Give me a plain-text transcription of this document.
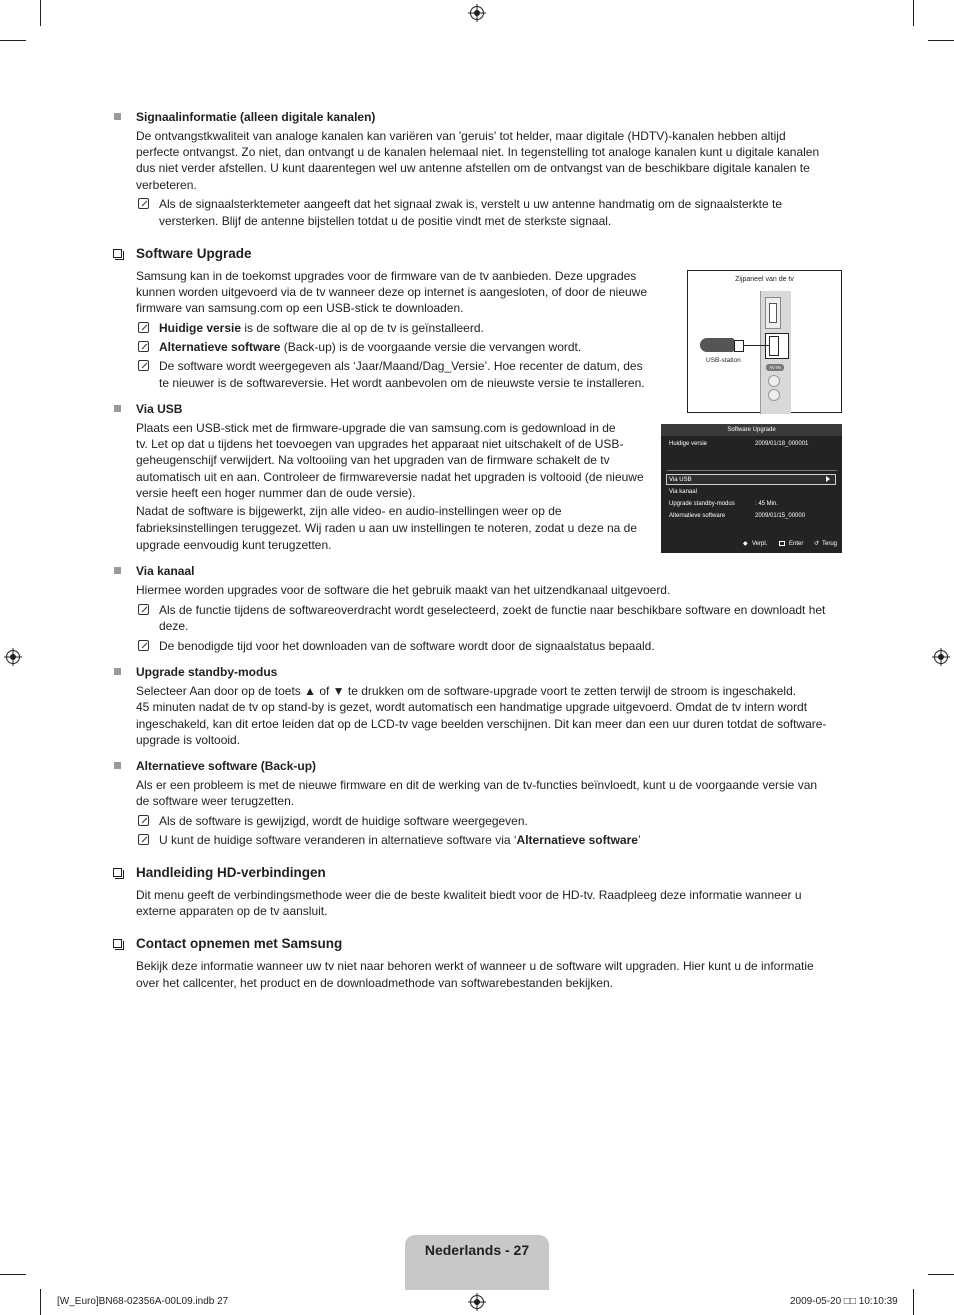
Signaalinformatie (alleen digitale kanalen)
De ontvangstkwaliteit van analoge kanalen kan variëren van 'geruis' tot helder, maar digitale (HDTV)-kanalen hebben altijd
perfecte ontvangst. Zo niet, dan ontvangt u de kanalen helemaal niet. In tegenstelling tot analoge kanalen kunt u digitale kanalen
dus niet verder afstellen. U kunt daarentegen wel uw antenne afstellen om de ontvangst van de beschikbare digitale kanalen te
verbeteren.
Als de signaalsterktemeter aangeeft dat het signaal zwak is, verstelt u uw antenne handmatig om de signaalsterkte te
versterken. Blijf de antenne bijstellen totdat u de positie vindt met de sterkste signaal.
Software Upgrade
Samsung kan in de toekomst upgrades voor de firmware van de tv aanbieden. Deze upgrades
kunnen worden uitgevoerd via de tv wanneer deze op internet is aangesloten, of door de nieuwe
firmware van samsung.com op een USB-stick te downloaden.
Huidige versie is de software die al op de tv is geïnstalleerd.
Alternatieve software (Back-up) is de voorgaande versie die vervangen wordt.
De software wordt weergegeven als ‘Jaar/Maand/Dag_Versie’. Hoe recenter de datum, des
te nieuwer is de softwareversie. Het wordt aanbevolen om de nieuwste versie te installeren.
Zijpaneel van de tv
AV IN
USB-station
Via USB
Plaats een USB-stick met de firmware-upgrade die van samsung.com is gedownload in de
tv. Let op dat u tijdens het toevoegen van upgrades het apparaat niet uitschakelt of de USB-
geheugenschijf verwijdert. Na voltooiing van het upgraden van de firmware schakelt de tv
automatisch uit en aan. Controleer de firmwareversie nadat het upgraden is voltooid (de nieuwe
versie heeft een hoger nummer dan de oude versie).
Nadat de software is bijgewerkt, zijn alle video- en audio-instellingen weer op de
fabrieksinstellingen teruggezet. Wij raden u aan uw instellingen te noteren, zodat u deze na de
upgrade eenvoudig kunt terugzetten.
Software Upgrade
Huidige versie	2009/01/18_000001
Via USB
Via kanaal
Upgrade standby-modus	: 45 Min.
Alternatieve software	2009/01/15_00000
◆ Verpl.	Enter ↺ Terug
Via kanaal
Hiermee worden upgrades voor de software die het gebruik maakt van het uitzendkanaal uitgevoerd.
Als de functie tijdens de softwareoverdracht wordt geselecteerd, zoekt de functie naar beschikbare software en downloadt het
deze.
De benodigde tijd voor het downloaden van de software wordt door de signaalstatus bepaald.
Upgrade standby-modus
Selecteer Aan door op de toets ▲ of ▼ te drukken om de software-upgrade voort te zetten terwijl de stroom is ingeschakeld.
45 minuten nadat de tv op stand-by is gezet, wordt automatisch een handmatige upgrade uitgevoerd. Omdat de tv intern wordt
ingeschakeld, kan dit ertoe leiden dat op de LCD-tv vage beelden verschijnen. Dit kan meer dan een uur duren totdat de software-
upgrade is voltooid.
Alternatieve software (Back-up)
Als er een probleem is met de nieuwe firmware en dit de werking van de tv-functies beïnvloedt, kunt u de voorgaande versie van
de software weer terugzetten.
Als de software is gewijzigd, wordt de huidige software weergegeven.
U kunt de huidige software veranderen in alternatieve software via ‘Alternatieve software’
Handleiding HD-verbindingen
Dit menu geeft de verbindingsmethode weer die de beste kwaliteit biedt voor de HD-tv. Raadpleeg deze informatie wanneer u
externe apparaten op de tv aansluit.
Contact opnemen met Samsung
Bekijk deze informatie wanneer uw tv niet naar behoren werkt of wanneer u de software wilt upgraden. Hier kunt u de informatie
over het callcenter, het product en de downloadmethode van softwarebestanden bekijken.
Nederlands - 27
[W_Euro]BN68-02356A-00L09.indb 27	2009-05-20 □□ 10:10:39
